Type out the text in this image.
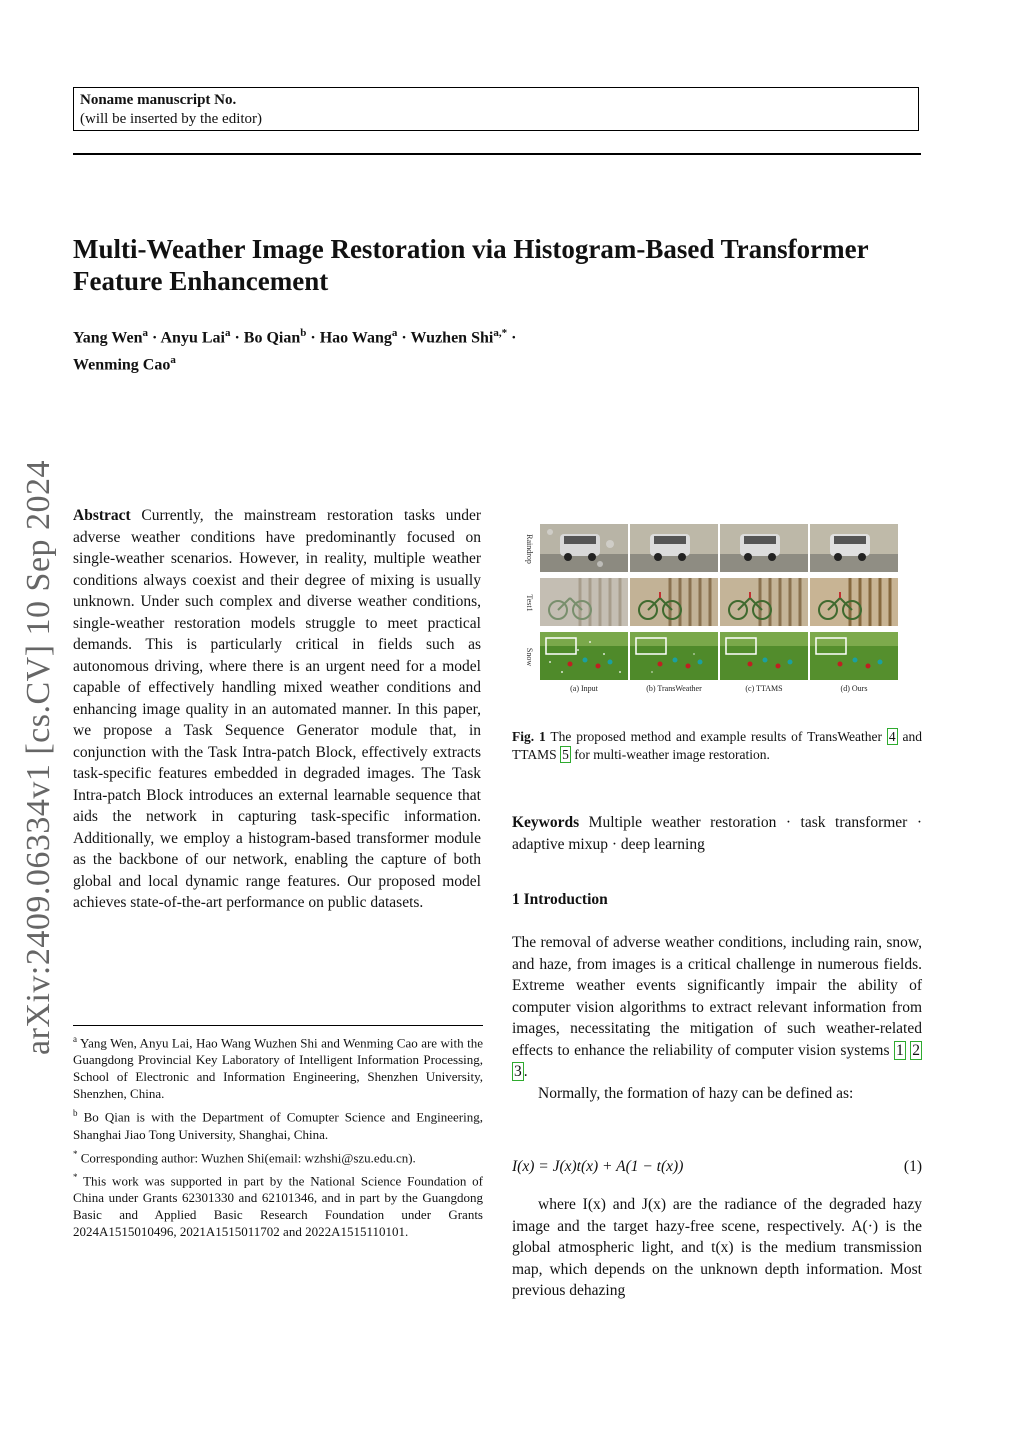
Noname manuscript No.
(will be inserted by the editor)
Multi-Weather Image Restoration via Histogram-Based Transformer Feature Enhancement
Yang Wen$^a$ · Anyu Lai$^a$ · Bo Qian$^b$ · Hao Wang$^a$ · Wuzhen Shi$^{a,*}$ ·
Wenming Cao$^a$
arXiv:2409.06334v1 [cs.CV] 10 Sep 2024 Abstract Currently, the mainstream restoration tasks under adverse weather conditions have predominantly focused on single-weather scenarios. However, in reality, multiple weather conditions always coexist and their degree of mixing is usually unknown. Under such complex and diverse weather conditions, single-weather restoration models struggle to meet practical demands. This is particularly critical in fields such as autonomous driving, where there is an urgent need for a model capable of effectively handling mixed weather conditions and enhancing image quality in an automated manner. In this paper, we propose a Task Sequence Generator module that, in conjunction with the Task Intra-patch Block, effectively extracts task-specific features embedded in degraded images. The Task Intra-patch Block introduces an external learnable sequence that aids the network in capturing task-specific information. Additionally, we employ a histogram-based transformer module as the backbone of our network, enabling the capture of both global and local dynamic range features. Our proposed model achieves state-of-the-art performance on public datasets.

$^a$ Yang Wen, Anyu Lai, Hao Wang Wuzhen Shi and Wenming Cao are with the Guangdong Provincial Key Laboratory of Intelligent Information Processing, School of Electronic and Information Engineering, Shenzhen University, Shenzhen, China.

$^b$ Bo Qian is with the Department of Comupter Science and Engineering, Shanghai Jiao Tong University, Shanghai, China.

* Corresponding author: Wuzhen Shi(email: wzhshi@szu.edu.cn).

* This work was supported in part by the National Science Foundation of China under Grants 62301330 and 62101346, and in part by the Guangdong Basic and Applied Basic Research Foundation under Grants 2024A1515010496, 2021A1515011702 and 2022A1515110101.

Raindrop
Test1
Snow
(a) Input	(b) TransWeather	(c) TTAMS	(d) Ours
Fig. 1 The proposed method and example results of TransWeather 4 and TTAMS 5 for multi-weather image restoration.
Keywords Multiple weather restoration · task transformer · adaptive mixup · deep learning
1 Introduction

The removal of adverse weather conditions, including rain, snow, and haze, from images is a critical challenge in numerous fields. Extreme weather events significantly impair the ability of computer vision algorithms to extract relevant information from images, necessitating the mitigation of such weather-related effects to enhance the reliability of computer vision systems 1 2 3 .

Normally, the formation of hazy can be defined as:

I(x) = J(x)t(x) + A(1 − t(x))	(1)
where I(x) and J(x) are the radiance of the degraded hazy image and the target hazy-free scene, respectively. A(·) is the global atmospheric light, and t(x) is the medium transmission map, which depends on the unknown depth information. Most previous dehazing
